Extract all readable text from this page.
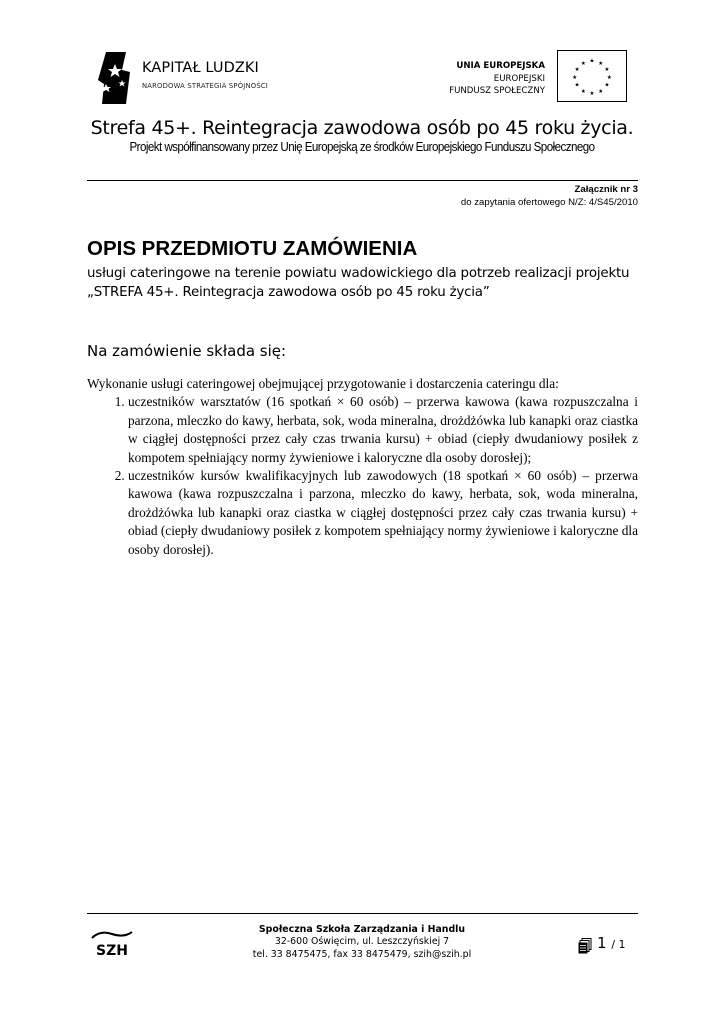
KAPITAŁ LUDZKI
NARODOWA STRATEGIA SPÓJNOŚCI
UNIA EUROPEJSKA
EUROPEJSKI
FUNDUSZ SPOŁECZNY
★ ★
★
★
★
★
★
★
★
★
★
★
Strefa 45+. Reintegracja zawodowa osób po 45 roku życia.
Projekt współfinansowany przez Unię Europejską ze środków Europejskiego Funduszu Społecznego
Załącznik nr 3
do zapytania ofertowego N/Z: 4/S45/2010
OPIS PRZEDMIOTU ZAMÓWIENIA
usługi cateringowe na terenie powiatu wadowickiego dla potrzeb realizacji projektu
„STREFA 45+. Reintegracja zawodowa osób po 45 roku życia”
Na zamówienie składa się:

Wykonanie usługi cateringowej obejmującej przygotowanie i dostarczenia cateringu dla:

1. uczestników warsztatów (16 spotkań × 60 osób) – przerwa kawowa (kawa rozpuszczalna i parzona, mleczko do kawy, herbata, sok, woda mineralna, drożdżówka lub kanapki oraz ciastka w ciągłej dostępności przez cały czas trwania kursu) + obiad (ciepły dwudaniowy posiłek z kompotem spełniający normy żywieniowe i kaloryczne dla osoby dorosłej);
2. uczestników kursów kwalifikacyjnych lub zawodowych (18 spotkań × 60 osób) – przerwa kawowa (kawa rozpuszczalna i parzona, mleczko do kawy, herbata, sok, woda mineralna, drożdżówka lub kanapki oraz ciastka w ciągłej dostępności przez cały czas trwania kursu) + obiad (ciepły dwudaniowy posiłek z kompotem spełniający normy żywieniowe i kaloryczne dla osoby dorosłej).
SZH
Społeczna Szkoła Zarządzania i Handlu
32-600 Oświęcim, ul. Leszczyńskiej 7
tel. 33 8475475, fax 33 8475479, szih@szih.pl
1 / 1
